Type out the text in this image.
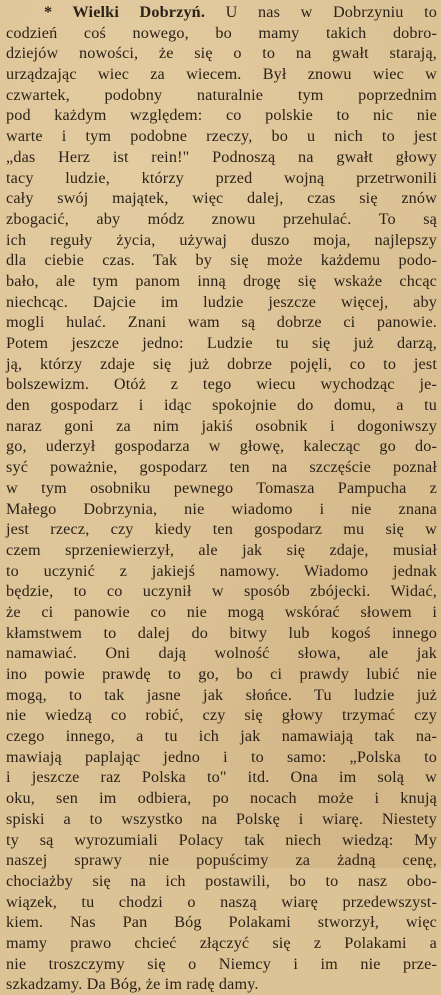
* Wielki Dobrzyń. U nas w Dobrzyniu to
codzień coś nowego, bo mamy takich dobro-
dziejów nowości, że się o to na gwałt starają,
urządzając wiec za wiecem. Był znowu wiec w
czwartek, podobny naturalnie tym poprzednim
pod każdym względem: co polskie to nic nie
warte i tym podobne rzeczy, bo u nich to jest
„das Herz ist rein!" Podnoszą na gwałt głowy
tacy ludzie, którzy przed wojną przetrwonili
cały swój majątek, więc dalej, czas się znów
zbogacić, aby módz znowu przehulać. To są
ich reguły życia, używaj duszo moja, najlepszy
dla ciebie czas. Tak by się może każdemu podo-
bało, ale tym panom inną drogę się wskaże chcąc
niechcąc. Dajcie im ludzie jeszcze więcej, aby
mogli hulać. Znani wam są dobrze ci panowie.
Potem jeszcze jedno: Ludzie tu się już darzą,
ją, którzy zdaje się już dobrze pojęli, co to jest
bolszewizm. Otóż z tego wiecu wychodząc je-
den gospodarz i idąc spokojnie do domu, a tu
naraz goni za nim jakiś osobnik i dogoniwszy
go, uderzył gospodarza w głowę, kalecząc go do-
syć poważnie, gospodarz ten na szczęście poznał
w tym osobniku pewnego Tomasza Pampucha z
Małego Dobrzynia, nie wiadomo i nie znana
jest rzecz, czy kiedy ten gospodarz mu się w
czem sprzeniewierzył, ale jak się zdaje, musiał
to uczynić z jakiejś namowy. Wiadomo jednak
będzie, to co uczynił w sposób zbójecki. Widać,
że ci panowie co nie mogą wskórać słowem i
kłamstwem to dalej do bitwy lub kogoś innego
namawiać. Oni dają wolność słowa, ale jak
ino powie prawdę to go, bo ci prawdy lubić nie
mogą, to tak jasne jak słońce. Tu ludzie już
nie wiedzą co robić, czy się głowy trzymać czy
czego innego, a tu ich jak namawiają tak na-
mawiają paplając jedno i to samo: „Polska to
i jeszcze raz Polska to" itd. Ona im solą w
oku, sen im odbiera, po nocach może i knują
spiski a to wszystko na Polskę i wiarę. Niestety
ty są wyrozumiali Polacy tak niech wiedzą: My
naszej sprawy nie popuścimy za żadną cenę,
chociażby się na ich postawili, bo to nasz obo-
wiązek, tu chodzi o naszą wiarę przedewszyst-
kiem. Nas Pan Bóg Polakami stworzył, więc
mamy prawo chcieć złączyć się z Polakami a
nie troszczymy się o Niemcy i im nie prze-
szkadzamy. Da Bóg, że im radę damy.
